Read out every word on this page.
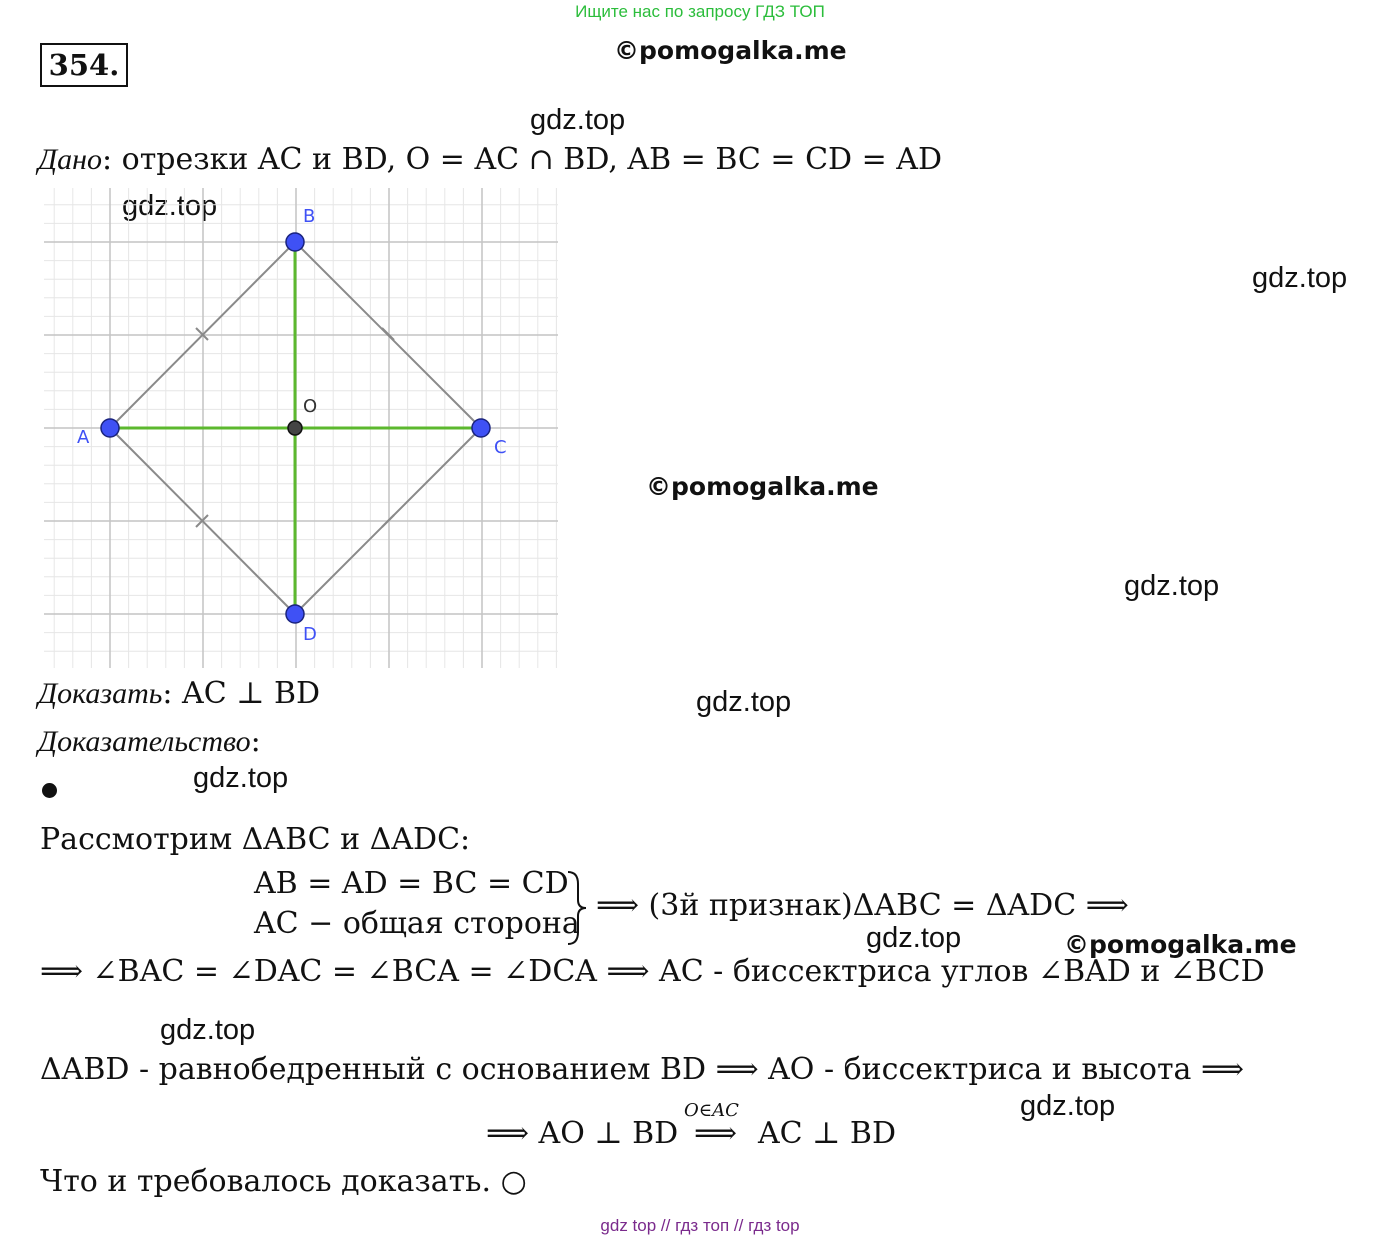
Ищите нас по запросу ГДЗ ТОП
354.	©pomogalka.me
gdz.top
Дано: отрезки AC и BD, O = AC ∩ BD, AB = BC = CD = AD
gdz.top
gdz.top
A
B
C
D
O
©pomogalka.me
gdz.top
Доказать: AC ⊥ BD	gdz.top
Доказательство:
gdz.top
Рассмотрим ΔABC и ΔADC:
AB = AD = BC = CD
AC − общая сторона
⟹ (3й признак)ΔABC = ΔADC ⟹
gdz.top	©pomogalka.me
⟹ ∠BAC = ∠DAC = ∠BCA = ∠DCA ⟹ AC - биссектриса углов ∠BAD и ∠BCD
gdz.top
ΔABD - равнобедренный с основанием BD ⟹ AO - биссектриса и высота ⟹
gdz.top
⟹ AO ⊥ BD
O∈AC
⟹ AC ⊥ BD
Что и требовалось доказать. ○
gdz top // гдз топ // гдз top
